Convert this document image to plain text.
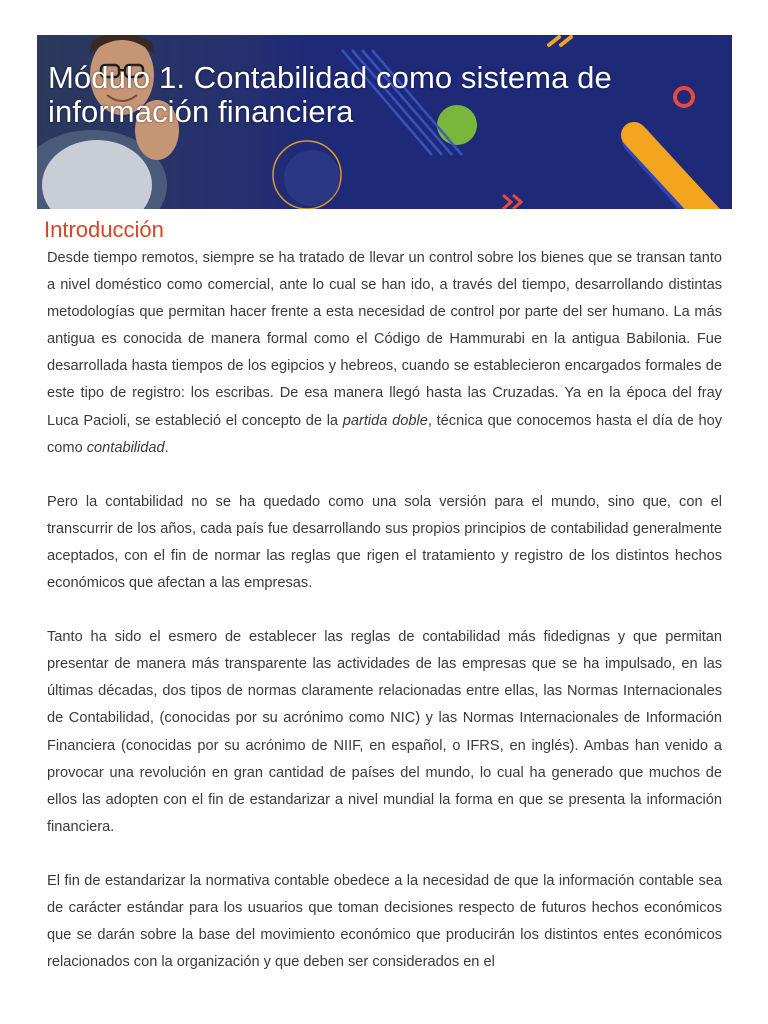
Módulo 1. Contabilidad como sistema de información financiera
Introducción

Desde tiempo remotos, siempre se ha tratado de llevar un control sobre los bienes que se transan tanto a nivel doméstico como comercial, ante lo cual se han ido, a través del tiempo, desarrollando distintas metodologías que permitan hacer frente a esta necesidad de control por parte del ser humano. La más antigua es conocida de manera formal como el Código de Hammurabi en la antigua Babilonia. Fue desarrollada hasta tiempos de los egipcios y hebreos, cuando se establecieron encargados formales de este tipo de registro: los escribas. De esa manera llegó hasta las Cruzadas. Ya en la época del fray Luca Pacioli, se estableció el concepto de la partida doble, técnica que conocemos hasta el día de hoy como contabilidad.

Pero la contabilidad no se ha quedado como una sola versión para el mundo, sino que, con el transcurrir de los años, cada país fue desarrollando sus propios principios de contabilidad generalmente aceptados, con el fin de normar las reglas que rigen el tratamiento y registro de los distintos hechos económicos que afectan a las empresas.

Tanto ha sido el esmero de establecer las reglas de contabilidad más fidedignas y que permitan presentar de manera más transparente las actividades de las empresas que se ha impulsado, en las últimas décadas, dos tipos de normas claramente relacionadas entre ellas, las Normas Internacionales de Contabilidad, (conocidas por su acrónimo como NIC) y las Normas Internacionales de Información Financiera (conocidas por su acrónimo de NIIF, en español, o IFRS, en inglés). Ambas han venido a provocar una revolución en gran cantidad de países del mundo, lo cual ha generado que muchos de ellos las adopten con el fin de estandarizar a nivel mundial la forma en que se presenta la información financiera.

El fin de estandarizar la normativa contable obedece a la necesidad de que la información contable sea de carácter estándar para los usuarios que toman decisiones respecto de futuros hechos económicos que se darán sobre la base del movimiento económico que producirán los distintos entes económicos relacionados con la organización y que deben ser considerados en el
